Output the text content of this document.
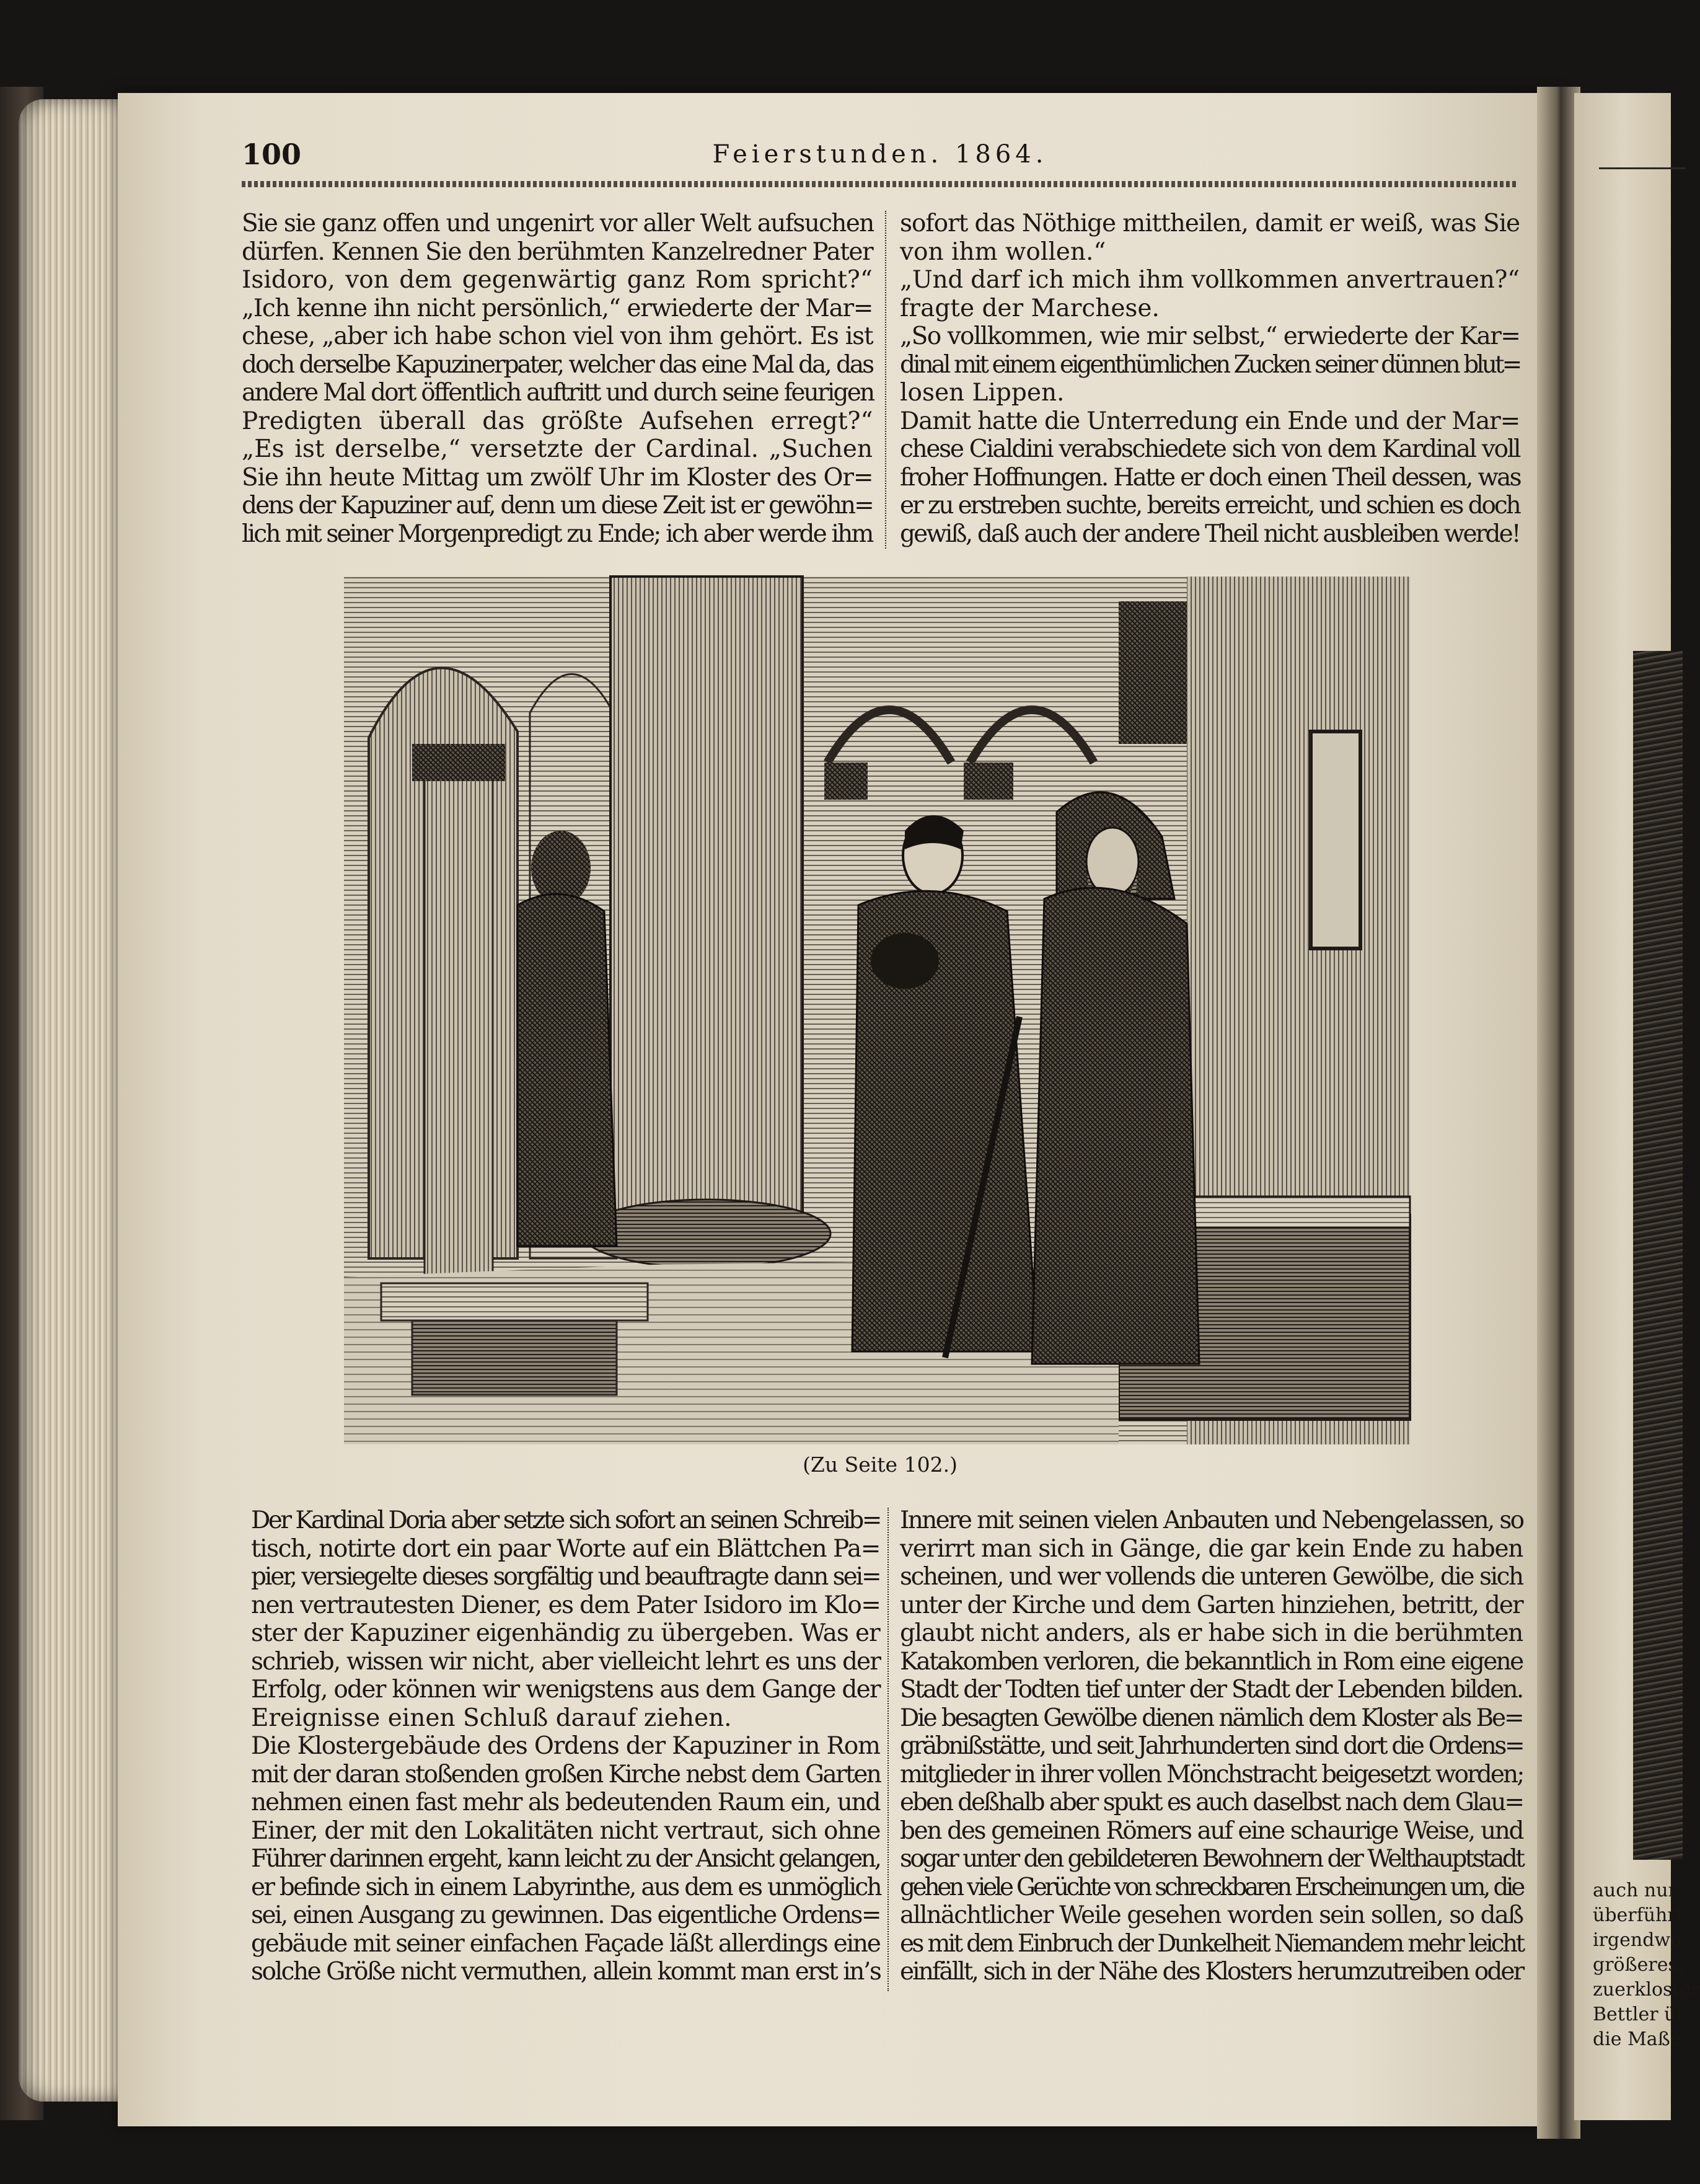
auch nur
überführt
irgendwo
größeres,
zuerkloster
Bettler ül
die Maße
100	Feierstunden. 1864.
Sie sie ganz offen und ungenirt vor aller Welt aufsuchen
dürfen. Kennen Sie den berühmten Kanzelredner Pater
Isidoro, von dem gegenwärtig ganz Rom spricht?“
„Ich kenne ihn nicht persönlich,“ erwiederte der Mar=
chese, „aber ich habe schon viel von ihm gehört. Es ist
doch derselbe Kapuzinerpater, welcher das eine Mal da, das
andere Mal dort öffentlich auftritt und durch seine feurigen
Predigten überall das größte Aufsehen erregt?“
„Es ist derselbe,“ versetzte der Cardinal. „Suchen
Sie ihn heute Mittag um zwölf Uhr im Kloster des Or=
dens der Kapuziner auf, denn um diese Zeit ist er gewöhn=
lich mit seiner Morgenpredigt zu Ende; ich aber werde ihm
sofort das Nöthige mittheilen, damit er weiß, was Sie
von ihm wollen.“
„Und darf ich mich ihm vollkommen anvertrauen?“
fragte der Marchese.
„So vollkommen, wie mir selbst,“ erwiederte der Kar=
dinal mit einem eigenthümlichen Zucken seiner dünnen blut=
losen Lippen.
Damit hatte die Unterredung ein Ende und der Mar=
chese Cialdini verabschiedete sich von dem Kardinal voll
froher Hoffnungen. Hatte er doch einen Theil dessen, was
er zu erstreben suchte, bereits erreicht, und schien es doch
gewiß, daß auch der andere Theil nicht ausbleiben werde!
(Zu Seite 102.)
Der Kardinal Doria aber setzte sich sofort an seinen Schreib=
tisch, notirte dort ein paar Worte auf ein Blättchen Pa=
pier, versiegelte dieses sorgfältig und beauftragte dann sei=
nen vertrautesten Diener, es dem Pater Isidoro im Klo=
ster der Kapuziner eigenhändig zu übergeben. Was er
schrieb, wissen wir nicht, aber vielleicht lehrt es uns der
Erfolg, oder können wir wenigstens aus dem Gange der
Ereignisse einen Schluß darauf ziehen.
Die Klostergebäude des Ordens der Kapuziner in Rom
mit der daran stoßenden großen Kirche nebst dem Garten
nehmen einen fast mehr als bedeutenden Raum ein, und
Einer, der mit den Lokalitäten nicht vertraut, sich ohne
Führer darinnen ergeht, kann leicht zu der Ansicht gelangen,
er befinde sich in einem Labyrinthe, aus dem es unmöglich
sei, einen Ausgang zu gewinnen. Das eigentliche Ordens=
gebäude mit seiner einfachen Façade läßt allerdings eine
solche Größe nicht vermuthen, allein kommt man erst in’s
Innere mit seinen vielen Anbauten und Nebengelassen, so
verirrt man sich in Gänge, die gar kein Ende zu haben
scheinen, und wer vollends die unteren Gewölbe, die sich
unter der Kirche und dem Garten hinziehen, betritt, der
glaubt nicht anders, als er habe sich in die berühmten
Katakomben verloren, die bekanntlich in Rom eine eigene
Stadt der Todten tief unter der Stadt der Lebenden bilden.
Die besagten Gewölbe dienen nämlich dem Kloster als Be=
gräbnißstätte, und seit Jahrhunderten sind dort die Ordens=
mitglieder in ihrer vollen Mönchstracht beigesetzt worden;
eben deßhalb aber spukt es auch daselbst nach dem Glau=
ben des gemeinen Römers auf eine schaurige Weise, und
sogar unter den gebildeteren Bewohnern der Welthauptstadt
gehen viele Gerüchte von schreckbaren Erscheinungen um, die
allnächtlicher Weile gesehen worden sein sollen, so daß
es mit dem Einbruch der Dunkelheit Niemandem mehr leicht
einfällt, sich in der Nähe des Klosters herumzutreiben oder
